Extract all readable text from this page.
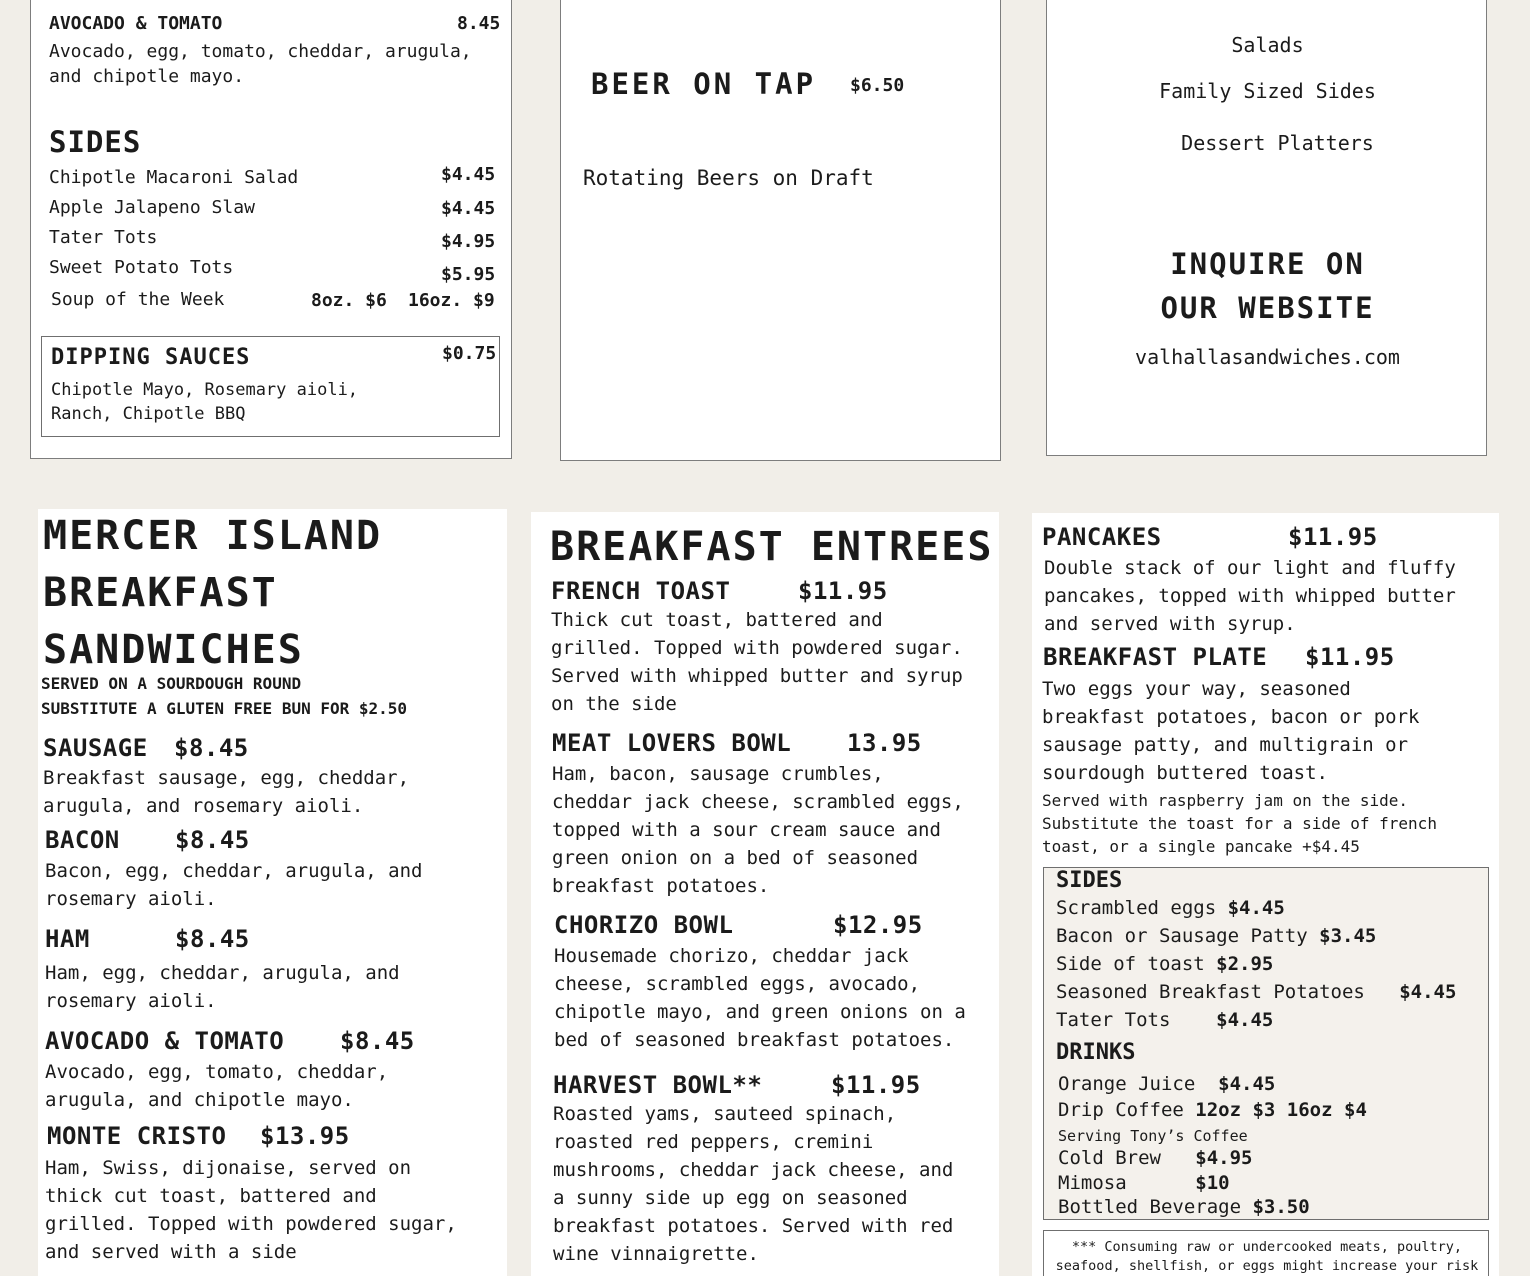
AVOCADO & TOMATO	8.45
Avocado, egg, tomato, cheddar, arugula,
and chipotle mayo.
SIDES
Chipotle Macaroni Salad	$4.45
Apple Jalapeno Slaw	$4.45
Tater Tots	$4.95
Sweet Potato Tots	$5.95
Soup of the Week	8oz. $6 16oz. $9
DIPPING SAUCES	$0.75
Chipotle Mayo, Rosemary aioli,
Ranch, Chipotle BBQ
BEER ON TAP $6.50
Rotating Beers on Draft
Salads
Family Sized Sides
Dessert Platters
INQUIRE ON
OUR WEBSITE
valhallasandwiches.com
MERCER ISLAND
BREAKFAST
SANDWICHES
SERVED ON A SOURDOUGH ROUND
SUBSTITUTE A GLUTEN FREE BUN FOR $2.50
SAUSAGE $8.45
Breakfast sausage, egg, cheddar,
arugula, and rosemary aioli.
BACON $8.45
Bacon, egg, cheddar, arugula, and
rosemary aioli.
HAM	$8.45
Ham, egg, cheddar, arugula, and
rosemary aioli.
AVOCADO & TOMATO $8.45
Avocado, egg, tomato, cheddar,
arugula, and chipotle mayo.
MONTE CRISTO $13.95
Ham, Swiss, dijonaise, served on
thick cut toast, battered and
grilled. Topped with powdered sugar,
and served with a side
BREAKFAST ENTREES
FRENCH TOAST	$11.95
Thick cut toast, battered and
grilled. Topped with powdered sugar.
Served with whipped butter and syrup
on the side
MEAT LOVERS BOWL 13.95
Ham, bacon, sausage crumbles,
cheddar jack cheese, scrambled eggs,
topped with a sour cream sauce and
green onion on a bed of seasoned
breakfast potatoes.
CHORIZO BOWL	$12.95
Housemade chorizo, cheddar jack
cheese, scrambled eggs, avocado,
chipotle mayo, and green onions on a
bed of seasoned breakfast potatoes.
HARVEST BOWL**	$11.95
Roasted yams, sauteed spinach,
roasted red peppers, cremini
mushrooms, cheddar jack cheese, and
a sunny side up egg on seasoned
breakfast potatoes. Served with red
wine vinnaigrette.
PANCAKES	$11.95
Double stack of our light and fluffy
pancakes, topped with whipped butter
and served with syrup.
BREAKFAST PLATE $11.95
Two eggs your way, seasoned
breakfast potatoes, bacon or pork
sausage patty, and multigrain or
sourdough buttered toast.
Served with raspberry jam on the side.
Substitute the toast for a side of french
toast, or a single pancake +$4.45
SIDES
Scrambled eggs $4.45
Bacon or Sausage Patty $3.45
Side of toast $2.95
Seasoned Breakfast Potatoes $4.45
Tater Tots $4.45
DRINKS
Orange Juice $4.45
Drip Coffee 12oz $3 16oz $4
Serving Tony’s Coffee
Cold Brew $4.95
Mimosa	$10
Bottled Beverage $3.50
*** Consuming raw or undercooked meats, poultry,
seafood, shellfish, or eggs might increase your risk
